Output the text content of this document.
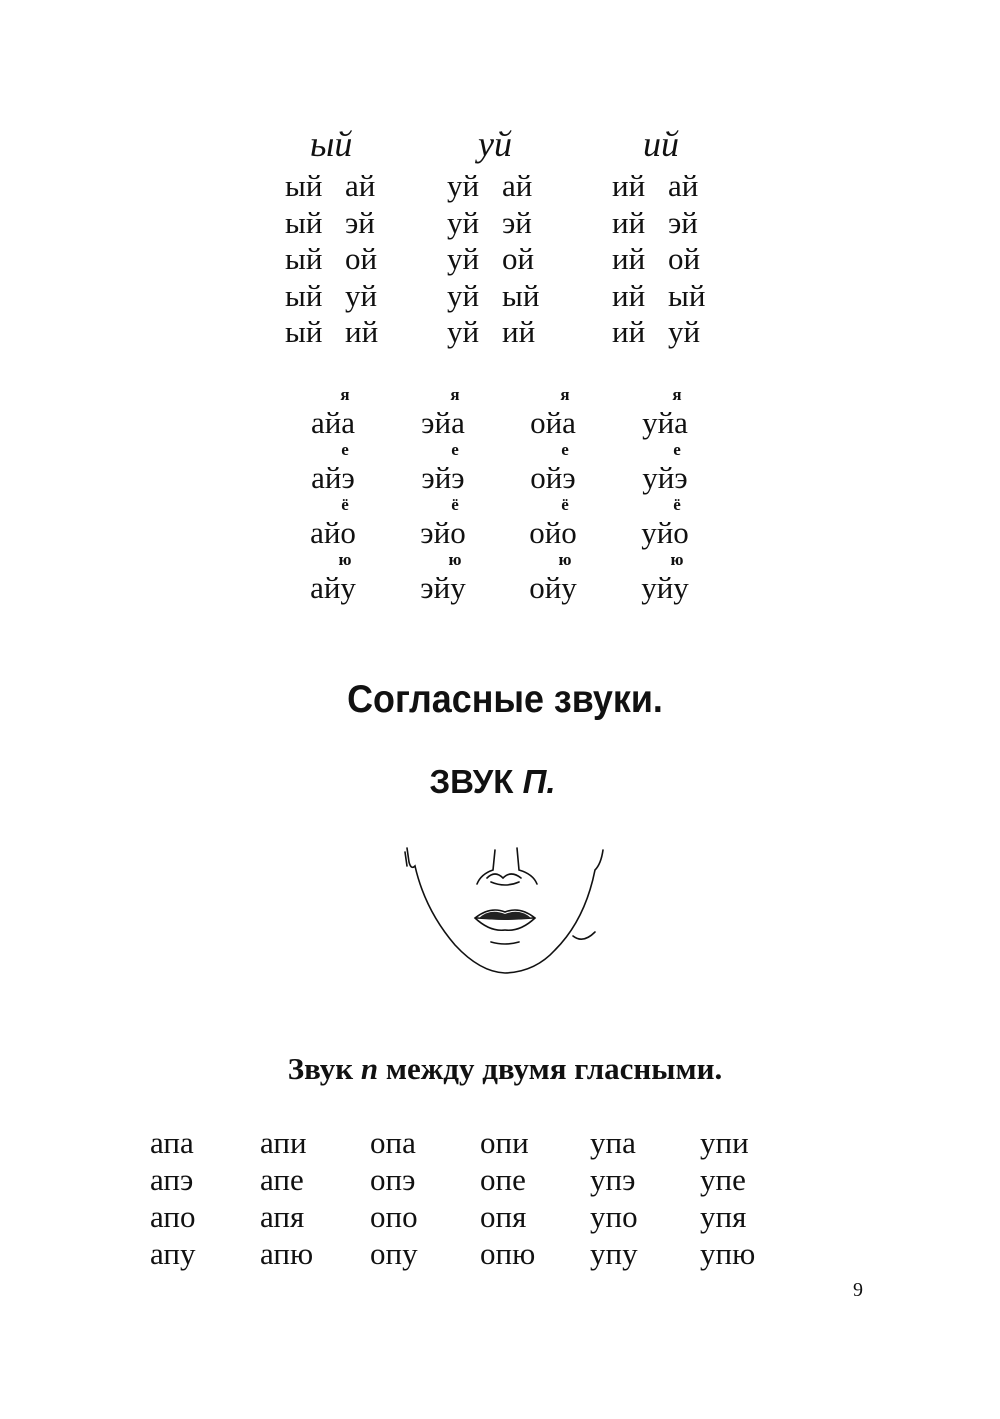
ый	уй	ий
ый ай
ый эй
ый ой
ый уй
ый ий
уй ай
уй эй
уй ой
уй ый
уй ий
ий ай
ий эй
ий ой
ий ый
ий уй
я
айа
я
эйа
я
ойа
я
уйа
е
айэ
е
эйэ
е
ойэ
е
уйэ
ё
айо
ё
эйо
ё
ойо
ё
уйо
ю
айу
ю
эйу
ю
ойу
ю
уйу
Согласные звуки.
ЗВУК П.
Звук п между двумя гласными.
апа апи опа опи упа упи
апэ апе опэ опе упэ упе
апо апя опо опя упо упя
апу апю опу опю упу упю
9
